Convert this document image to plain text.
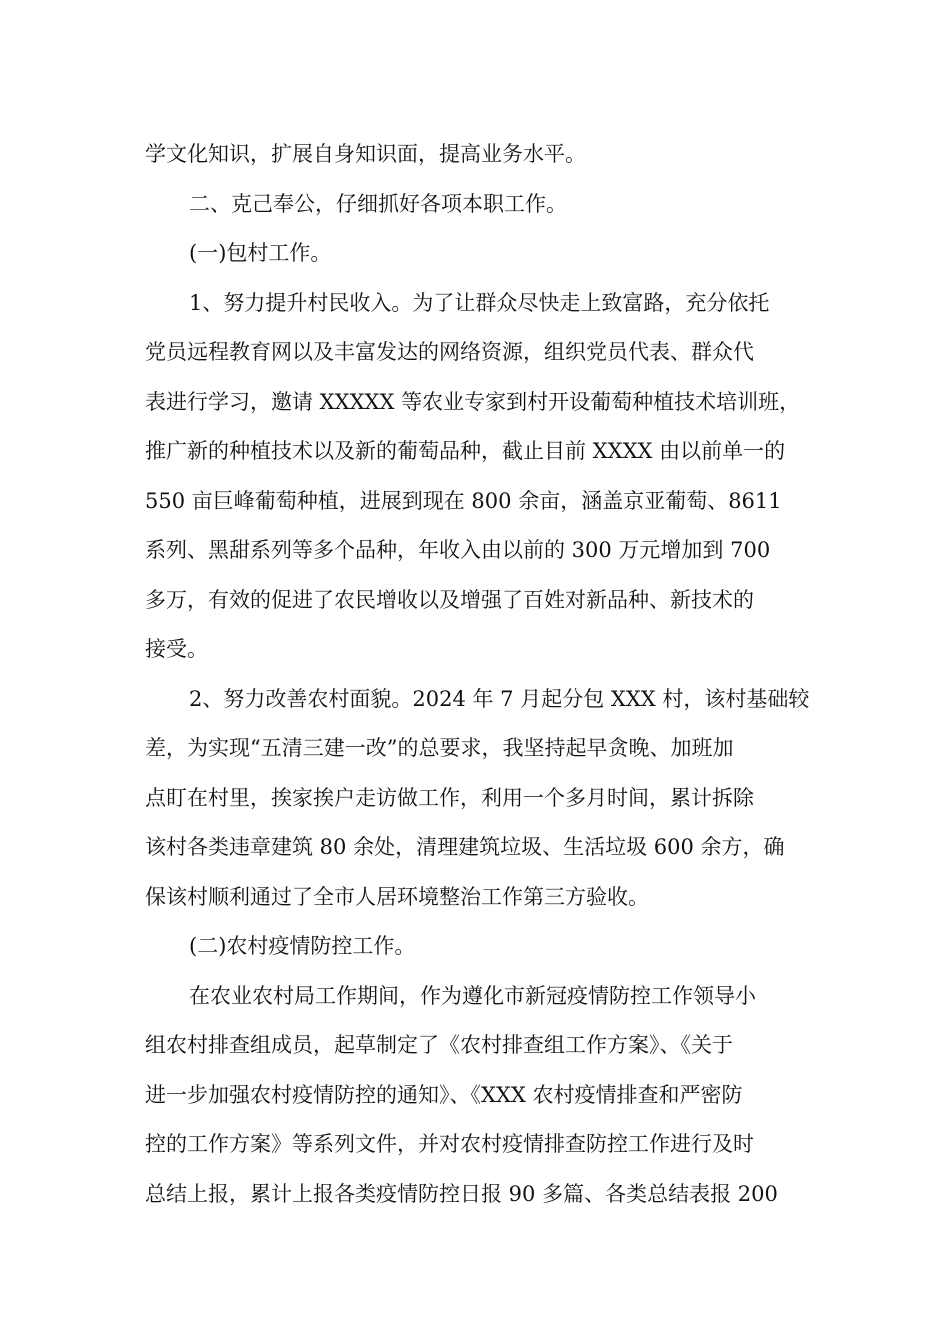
学文化知识，扩展自身知识面，提高业务水平。
二、克己奉公，仔细抓好各项本职工作。
(一)包村工作。
1、努力提升村民收入。为了让群众尽快走上致富路，充分依托
党员远程教育网以及丰富发达的网络资源，组织党员代表、群众代
表进行学习，邀请 XXXXX 等农业专家到村开设葡萄种植技术培训班，
推广新的种植技术以及新的葡萄品种，截止目前 XXXX 由以前单一的
550 亩巨峰葡萄种植，进展到现在 800 余亩，涵盖京亚葡萄、8611
系列、黑甜系列等多个品种，年收入由以前的 300 万元增加到 700
多万，有效的促进了农民增收以及增强了百姓对新品种、新技术的
接受。
2、努力改善农村面貌。2024 年 7 月起分包 XXX 村，该村基础较
差，为实现“五清三建一改”的总要求，我坚持起早贪晚、加班加
点盯在村里，挨家挨户走访做工作，利用一个多月时间，累计拆除
该村各类违章建筑 80 余处，清理建筑垃圾、生活垃圾 600 余方，确
保该村顺利通过了全市人居环境整治工作第三方验收。
(二)农村疫情防控工作。
在农业农村局工作期间，作为遵化市新冠疫情防控工作领导小
组农村排查组成员，起草制定了《农村排查组工作方案》、《关于
进一步加强农村疫情防控的通知》、《XXX 农村疫情排查和严密防
控的工作方案》等系列文件，并对农村疫情排查防控工作进行及时
总结上报，累计上报各类疫情防控日报 90 多篇、各类总结表报 200
